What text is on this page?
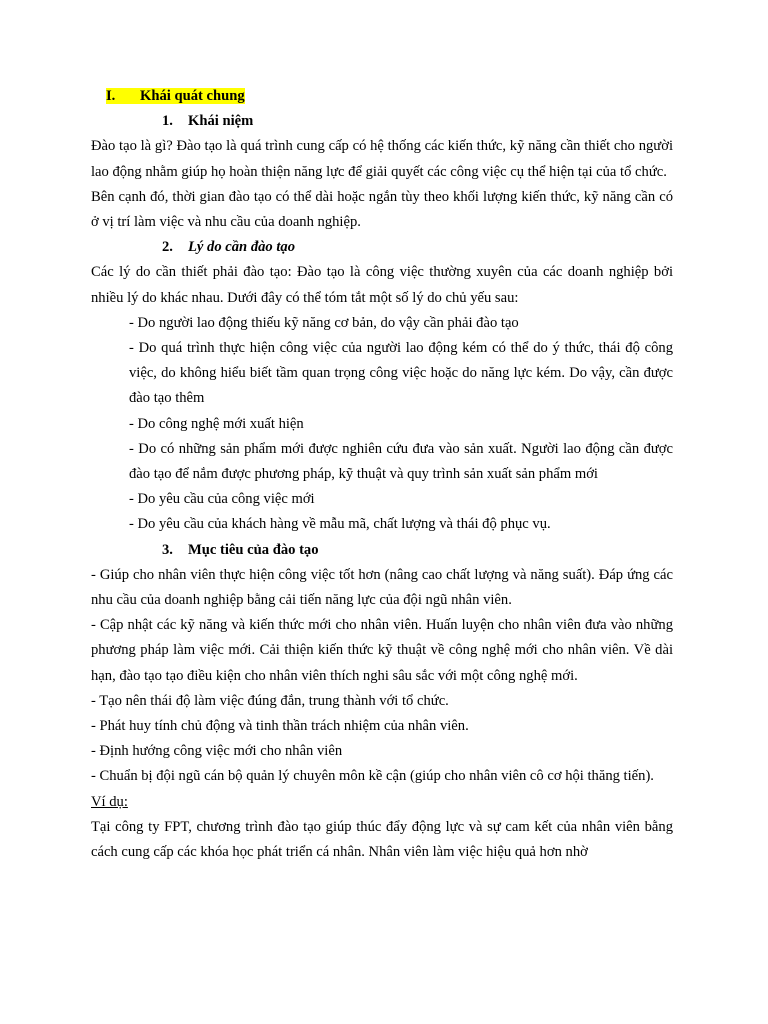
I. Khái quát chung

1. Khái niệm

Đào tạo là gì? Đào tạo là quá trình cung cấp có hệ thống các kiến thức, kỹ năng cần thiết cho người lao động nhằm giúp họ hoàn thiện năng lực để giải quyết các công việc cụ thể hiện tại của tổ chức.

Bên cạnh đó, thời gian đào tạo có thể dài hoặc ngắn tùy theo khối lượng kiến thức, kỹ năng cần có ở vị trí làm việc và nhu cầu của doanh nghiệp.

2. Lý do cần đào tạo

Các lý do cần thiết phải đào tạo: Đào tạo là công việc thường xuyên của các doanh nghiệp bởi nhiều lý do khác nhau. Dưới đây có thể tóm tắt một số lý do chủ yếu sau:

- Do người lao động thiếu kỹ năng cơ bản, do vậy cần phải đào tạo

- Do quá trình thực hiện công việc của người lao động kém có thể do ý thức, thái độ công việc, do không hiểu biết tầm quan trọng công việc hoặc do năng lực kém. Do vậy, cần được đào tạo thêm

- Do công nghệ mới xuất hiện

- Do có những sản phẩm mới được nghiên cứu đưa vào sản xuất. Người lao động cần được đào tạo để nắm được phương pháp, kỹ thuật và quy trình sản xuất sản phẩm mới

- Do yêu cầu của công việc mới

- Do yêu cầu của khách hàng về mẫu mã, chất lượng và thái độ phục vụ.

3. Mục tiêu của đào tạo

- Giúp cho nhân viên thực hiện công việc tốt hơn (nâng cao chất lượng và năng suất). Đáp ứng các nhu cầu của doanh nghiệp bằng cải tiến năng lực của đội ngũ nhân viên.

- Cập nhật các kỹ năng và kiến thức mới cho nhân viên. Huấn luyện cho nhân viên đưa vào những phương pháp làm việc mới. Cải thiện kiến thức kỹ thuật về công nghệ mới cho nhân viên. Về dài hạn, đào tạo tạo điều kiện cho nhân viên thích nghi sâu sắc với một công nghệ mới.

- Tạo nên thái độ làm việc đúng đắn, trung thành với tổ chức.

- Phát huy tính chủ động và tinh thần trách nhiệm của nhân viên.

- Định hướng công việc mới cho nhân viên

- Chuẩn bị đội ngũ cán bộ quản lý chuyên môn kề cận (giúp cho nhân viên cô cơ hội thăng tiến).

Ví dụ:

Tại công ty FPT, chương trình đào tạo giúp thúc đẩy động lực và sự cam kết của nhân viên bằng cách cung cấp các khóa học phát triển cá nhân. Nhân viên làm việc hiệu quả hơn nhờ
